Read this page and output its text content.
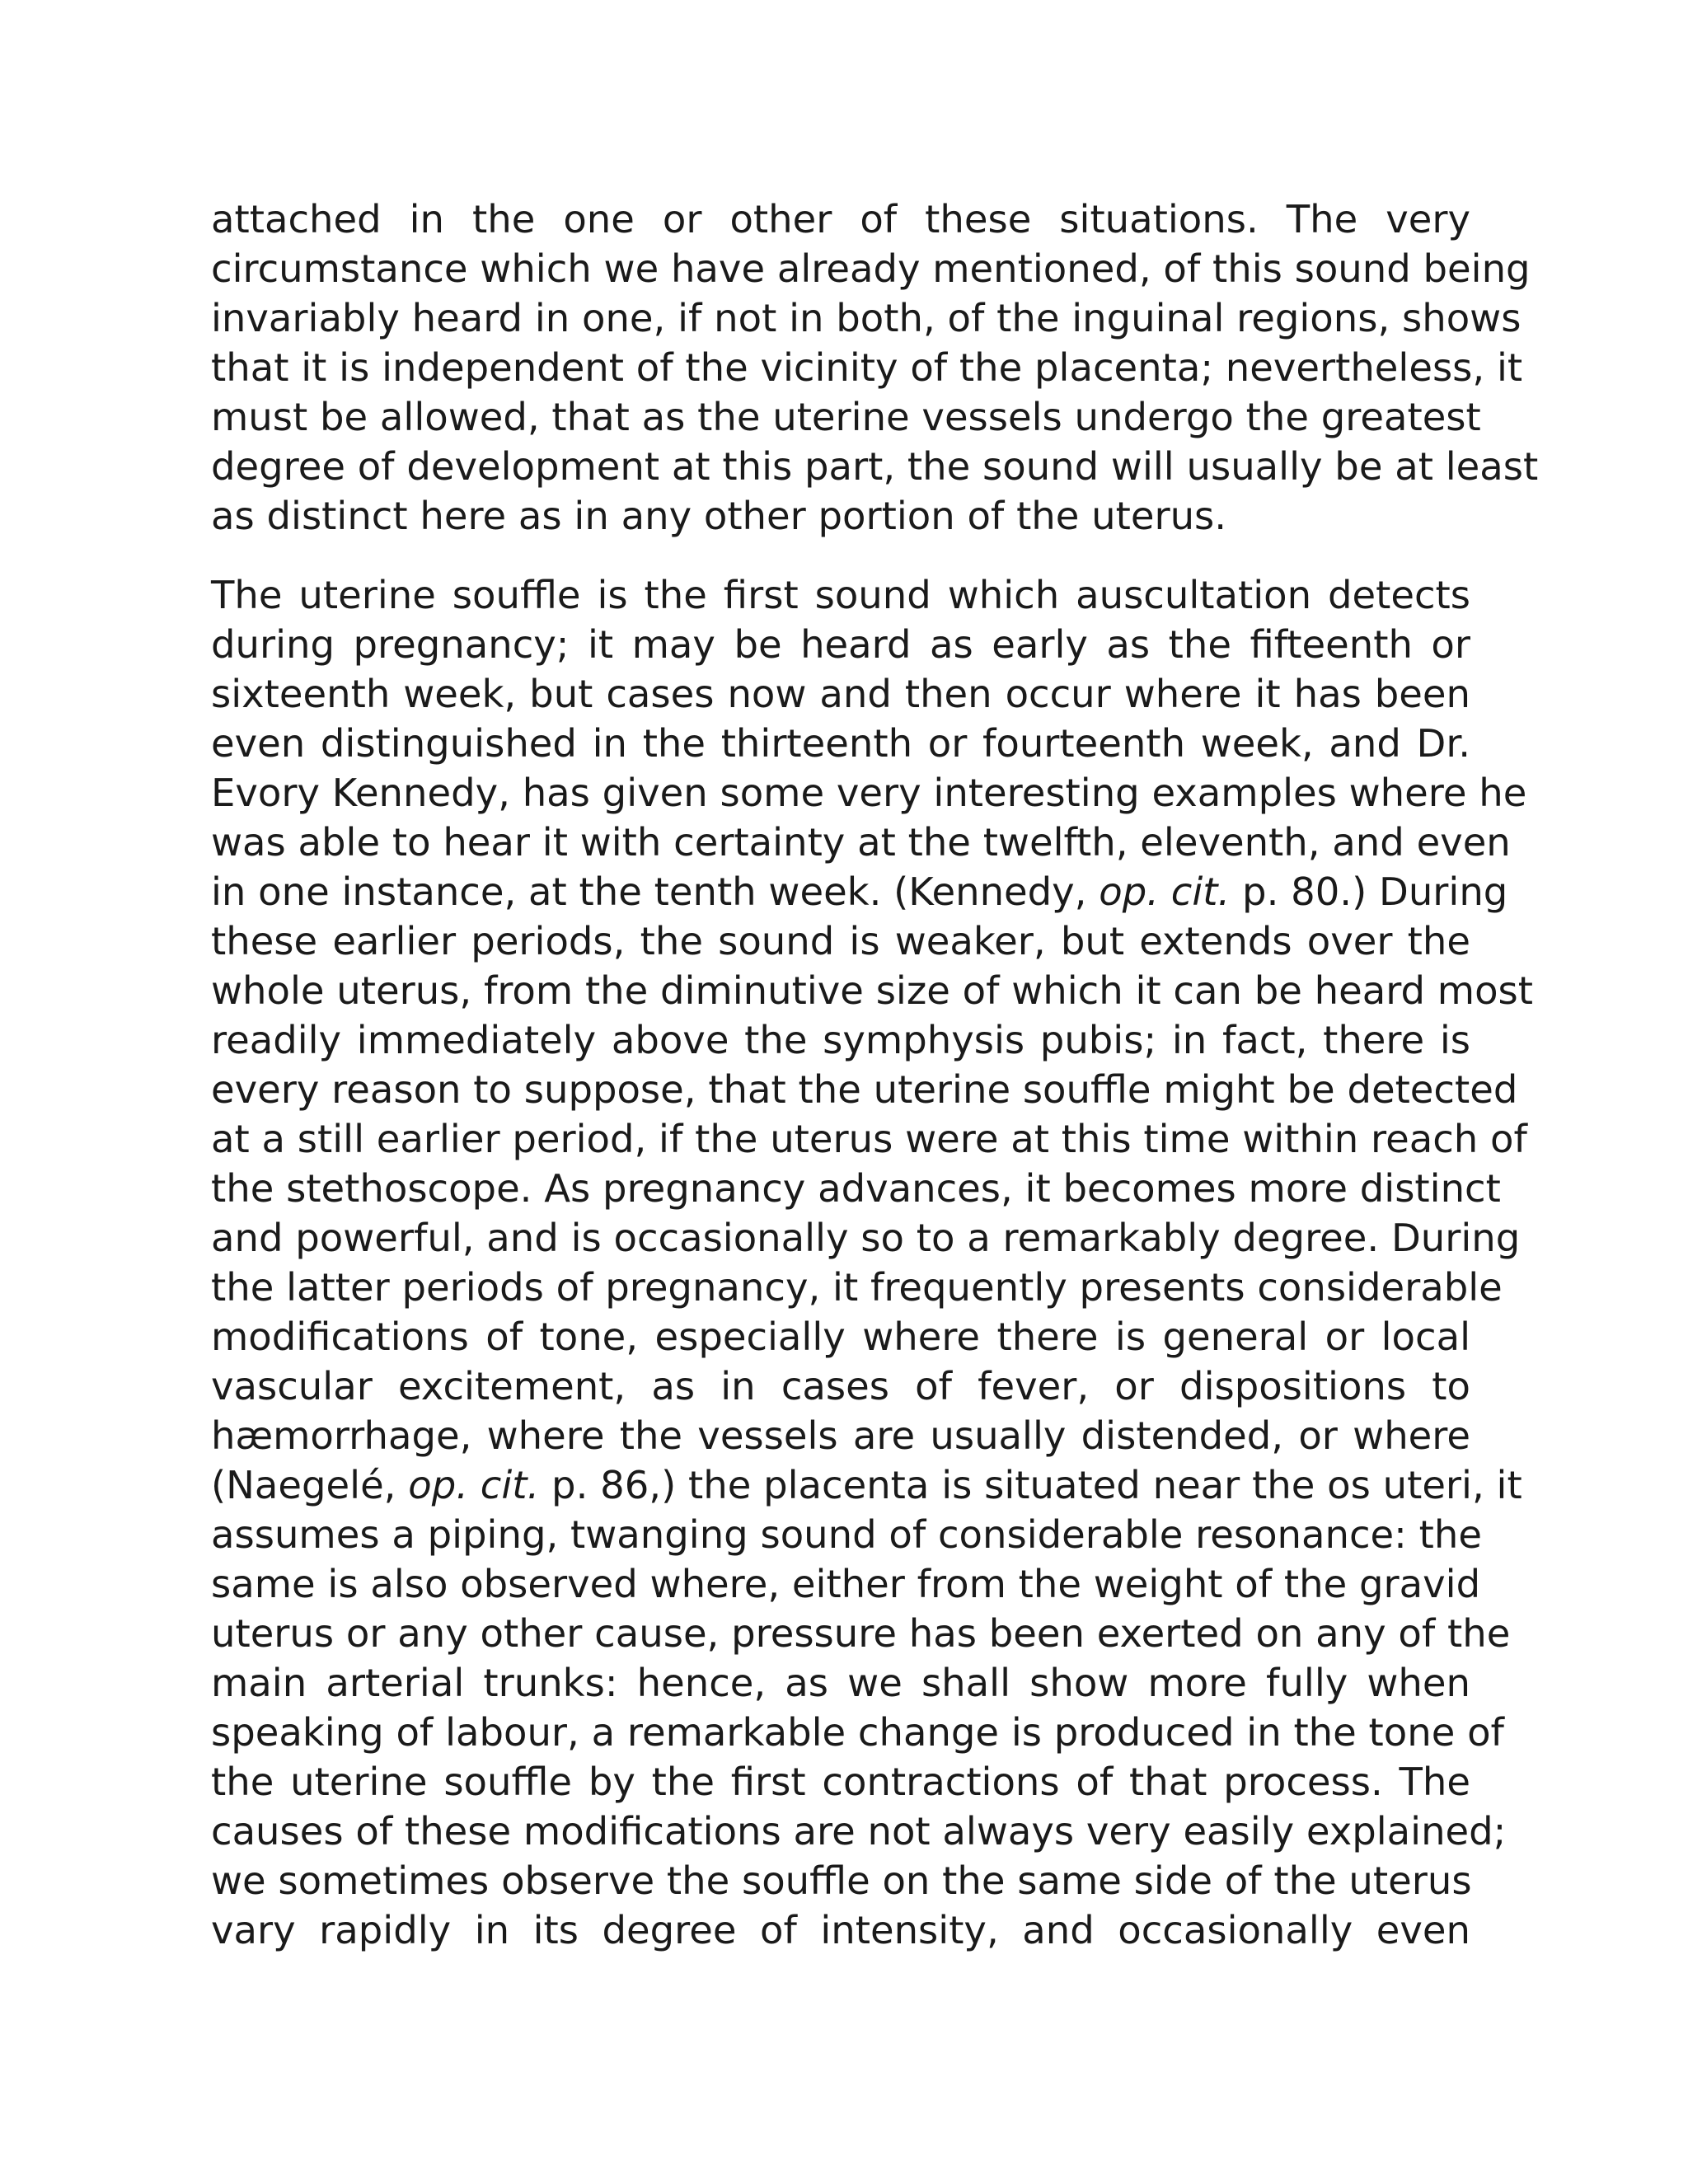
attached in the one or other of these situations. The very
circumstance which we have already mentioned, of this sound being
invariably heard in one, if not in both, of the inguinal regions, shows
that it is independent of the vicinity of the placenta; nevertheless, it
must be allowed, that as the uterine vessels undergo the greatest
degree of development at this part, the sound will usually be at least
as distinct here as in any other portion of the uterus.

The uterine souffle is the first sound which auscultation detects
during pregnancy; it may be heard as early as the fifteenth or
sixteenth week, but cases now and then occur where it has been
even distinguished in the thirteenth or fourteenth week, and Dr.
Evory Kennedy, has given some very interesting examples where he
was able to hear it with certainty at the twelfth, eleventh, and even
in one instance, at the tenth week. (Kennedy, op. cit. p. 80.) During
these earlier periods, the sound is weaker, but extends over the
whole uterus, from the diminutive size of which it can be heard most
readily immediately above the symphysis pubis; in fact, there is
every reason to suppose, that the uterine souffle might be detected
at a still earlier period, if the uterus were at this time within reach of
the stethoscope. As pregnancy advances, it becomes more distinct
and powerful, and is occasionally so to a remarkably degree. During
the latter periods of pregnancy, it frequently presents considerable
modifications of tone, especially where there is general or local
vascular excitement, as in cases of fever, or dispositions to
hæmorrhage, where the vessels are usually distended, or where
(Naegelé, op. cit. p. 86,) the placenta is situated near the os uteri, it
assumes a piping, twanging sound of considerable resonance: the
same is also observed where, either from the weight of the gravid
uterus or any other cause, pressure has been exerted on any of the
main arterial trunks: hence, as we shall show more fully when
speaking of labour, a remarkable change is produced in the tone of
the uterine souffle by the first contractions of that process. The
causes of these modifications are not always very easily explained;
we sometimes observe the souffle on the same side of the uterus
vary rapidly in its degree of intensity, and occasionally even
